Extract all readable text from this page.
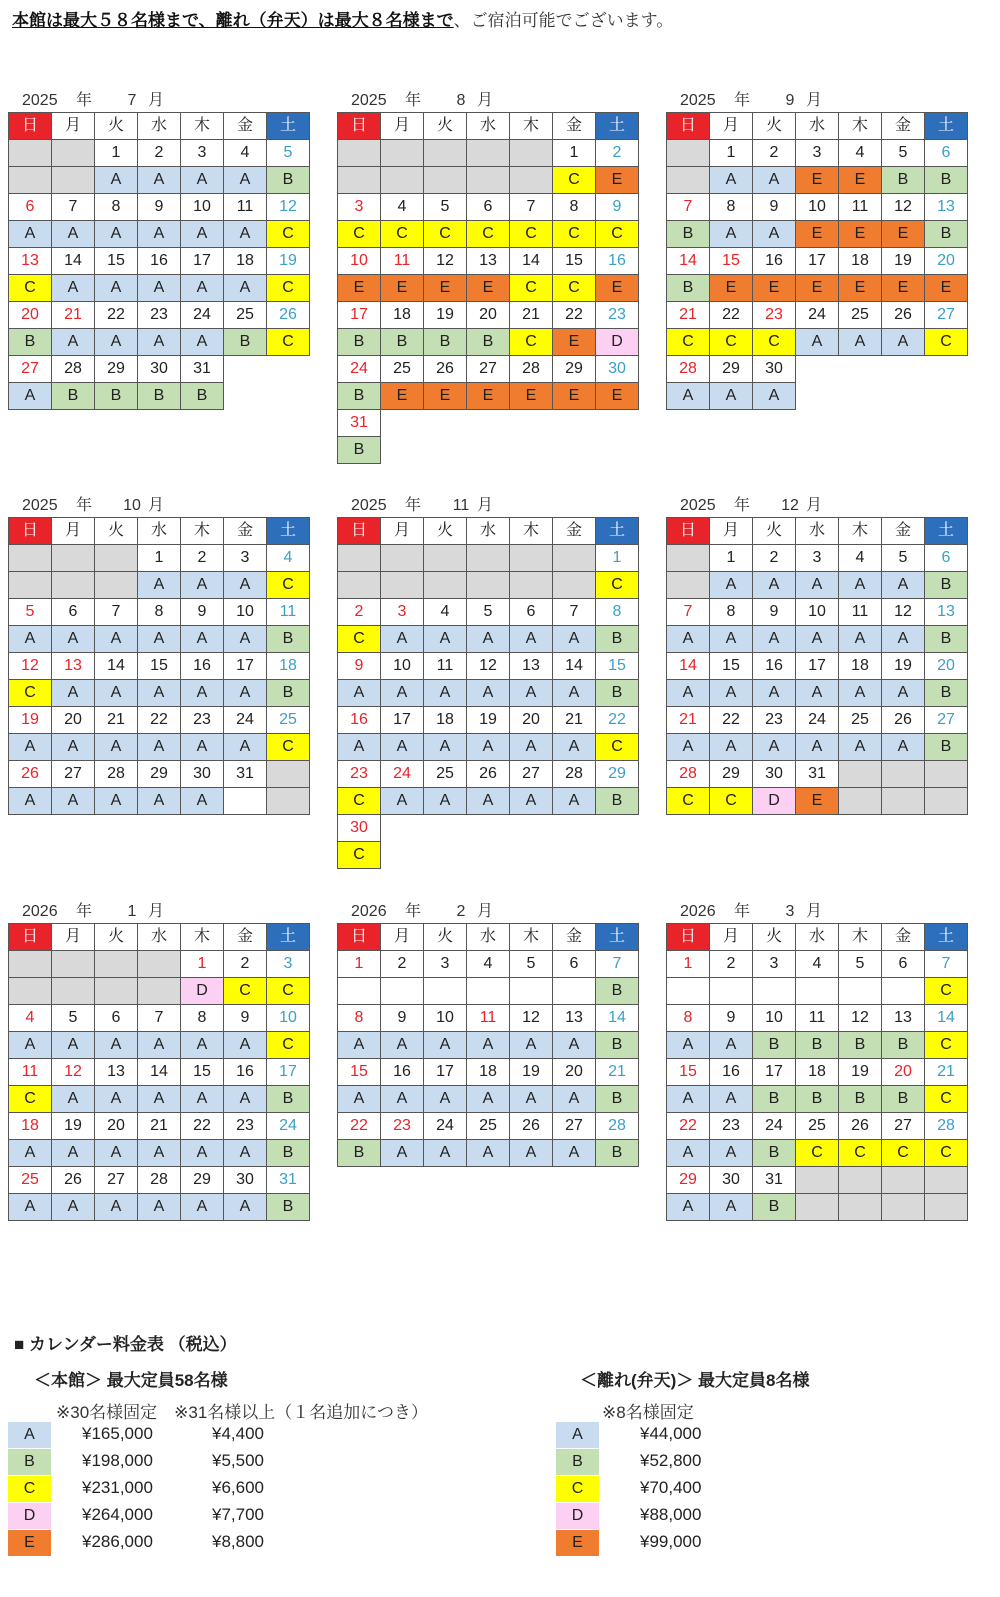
本館は最大５８名様まで、離れ（弁天）は最大８名様まで、ご宿泊可能でございます。
2025 年 7 月
日	月	火	水	木	金	土
		1	2	3	4	5
		A	A	A	A	B
6	7	8	9	10	11	12
A	A	A	A	A	A	C
13	14	15	16	17	18	19
C	A	A	A	A	A	C
20	21	22	23	24	25	26
B	A	A	A	A	B	C
27	28	29	30	31		
A	B	B	B	B		
2025 年 8 月
日	月	火	水	木	金	土
					1	2
					C	E
3	4	5	6	7	8	9
C	C	C	C	C	C	C
10	11	12	13	14	15	16
E	E	E	E	C	C	E
17	18	19	20	21	22	23
B	B	B	B	C	E	D
24	25	26	27	28	29	30
B	E	E	E	E	E	E
31						
B						
2025 年 9 月
日	月	火	水	木	金	土
	1	2	3	4	5	6
	A	A	E	E	B	B
7	8	9	10	11	12	13
B	A	A	E	E	E	B
14	15	16	17	18	19	20
B	E	E	E	E	E	E
21	22	23	24	25	26	27
C	C	C	A	A	A	C
28	29	30				
A	A	A				
2025 年 10 月
日	月	火	水	木	金	土
			1	2	3	4
			A	A	A	C
5	6	7	8	9	10	11
A	A	A	A	A	A	B
12	13	14	15	16	17	18
C	A	A	A	A	A	B
19	20	21	22	23	24	25
A	A	A	A	A	A	C
26	27	28	29	30	31	
A	A	A	A	A		
2025 年 11 月
日	月	火	水	木	金	土
						1
						C
2	3	4	5	6	7	8
C	A	A	A	A	A	B
9	10	11	12	13	14	15
A	A	A	A	A	A	B
16	17	18	19	20	21	22
A	A	A	A	A	A	C
23	24	25	26	27	28	29
C	A	A	A	A	A	B
30						
C						
2025 年 12 月
日	月	火	水	木	金	土
	1	2	3	4	5	6
	A	A	A	A	A	B
7	8	9	10	11	12	13
A	A	A	A	A	A	B
14	15	16	17	18	19	20
A	A	A	A	A	A	B
21	22	23	24	25	26	27
A	A	A	A	A	A	B
28	29	30	31			
C	C	D	E			
2026 年 1 月
日	月	火	水	木	金	土
				1	2	3
				D	C	C
4	5	6	7	8	9	10
A	A	A	A	A	A	C
11	12	13	14	15	16	17
C	A	A	A	A	A	B
18	19	20	21	22	23	24
A	A	A	A	A	A	B
25	26	27	28	29	30	31
A	A	A	A	A	A	B
2026 年 2 月
日	月	火	水	木	金	土
1	2	3	4	5	6	7
						B
8	9	10	11	12	13	14
A	A	A	A	A	A	B
15	16	17	18	19	20	21
A	A	A	A	A	A	B
22	23	24	25	26	27	28
B	A	A	A	A	A	B
2026 年 3 月
日	月	火	水	木	金	土
1	2	3	4	5	6	7
						C
8	9	10	11	12	13	14
A	A	B	B	B	B	C
15	16	17	18	19	20	21
A	A	B	B	B	B	C
22	23	24	25	26	27	28
A	A	B	C	C	C	C
29	30	31				
A	A	B				
■ カレンダー料金表 （税込）
＜本館＞ 最大定員58名様
※30名様固定　※31名様以上（１名追加につき）
＜離れ(弁天)＞ 最大定員8名様
※8名様固定
A	¥165,000	¥4,400
B	¥198,000	¥5,500
C	¥231,000	¥6,600
D	¥264,000	¥7,700
E	¥286,000	¥8,800
A	¥44,000
B	¥52,800
C	¥70,400
D	¥88,000
E	¥99,000
